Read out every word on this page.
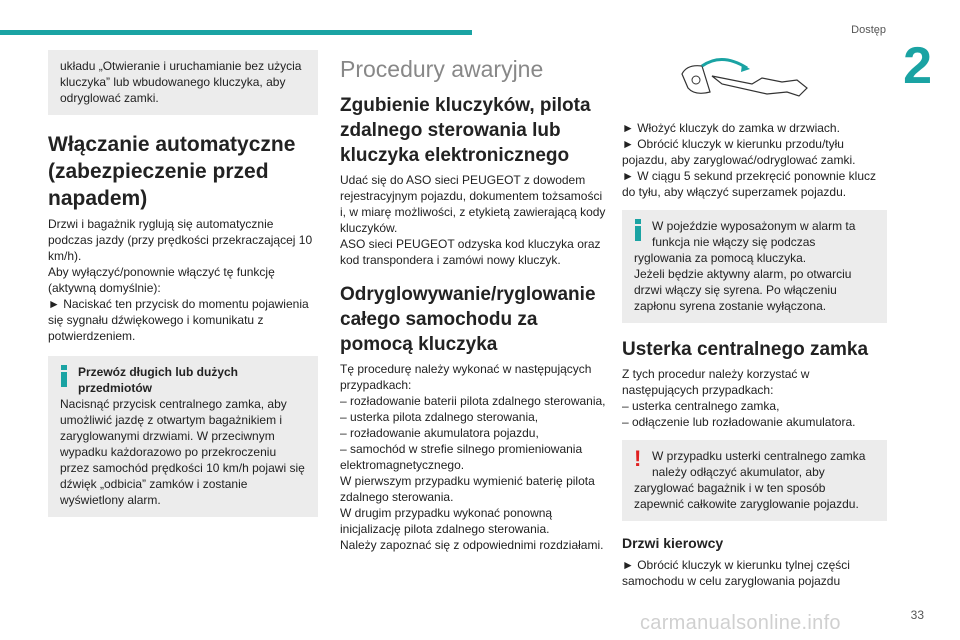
Dostęp
2

układu „Otwieranie i uruchamianie bez użycia kluczyka” lub wbudowanego kluczyka, aby odryglować zamki.

Włączanie automatyczne (zabezpieczenie przed napadem)

Drzwi i bagażnik ryglują się automatycznie podczas jazdy (przy prędkości przekraczającej 10 km/h).
Aby wyłączyć/ponownie włączyć tę funkcję (aktywną domyślnie):
► Naciskać ten przycisk do momentu pojawienia się sygnału dźwiękowego i komunikatu z potwierdzeniem.

Przewóz długich lub dużych przedmiotów

Nacisnąć przycisk centralnego zamka, aby umożliwić jazdę z otwartym bagażnikiem i zaryglowanymi drzwiami. W przeciwnym wypadku każdorazowo po przekroczeniu przez samochód prędkości 10 km/h pojawi się dźwięk „odbicia” zamków i zostanie wyświetlony alarm.

Procedury awaryjne
Zgubienie kluczyków, pilota zdalnego sterowania lub kluczyka elektronicznego

Udać się do ASO sieci PEUGEOT z dowodem rejestracyjnym pojazdu, dokumentem tożsamości i, w miarę możliwości, z etykietą zawierającą kody kluczyków.
ASO sieci PEUGEOT odzyska kod kluczyka oraz kod transpondera i zamówi nowy kluczyk.

Odryglowywanie/ryglowanie całego samochodu za pomocą kluczyka

Tę procedurę należy wykonać w następujących przypadkach:
– rozładowanie baterii pilota zdalnego sterowania,
– usterka pilota zdalnego sterowania,
– rozładowanie akumulatora pojazdu,
– samochód w strefie silnego promieniowania elektromagnetycznego.
W pierwszym przypadku wymienić baterię pilota zdalnego sterowania.
W drugim przypadku wykonać ponowną inicjalizację pilota zdalnego sterowania.
Należy zapoznać się z odpowiednimi rozdziałami.

► Włożyć kluczyk do zamka w drzwiach.
► Obrócić kluczyk w kierunku przodu/tyłu pojazdu, aby zaryglować/odryglować zamki.
► W ciągu 5 sekund przekręcić ponownie klucz do tyłu, aby włączyć superzamek pojazdu.

W pojeździe wyposażonym w alarm ta funkcja nie włączy się podczas

ryglowania za pomocą kluczyka.
Jeżeli będzie aktywny alarm, po otwarciu drzwi włączy się syrena. Po włączeniu zapłonu syrena zostanie wyłączona.

Usterka centralnego zamka

Z tych procedur należy korzystać w następujących przypadkach:
– usterka centralnego zamka,
– odłączenie lub rozładowanie akumulatora.

! W przypadku usterki centralnego zamka należy odłączyć akumulator, aby

zaryglować bagażnik i w ten sposób zapewnić całkowite zaryglowanie pojazdu.

Drzwi kierowcy

► Obrócić kluczyk w kierunku tylnej części samochodu w celu zaryglowania pojazdu

33
carmanualsonline.info
